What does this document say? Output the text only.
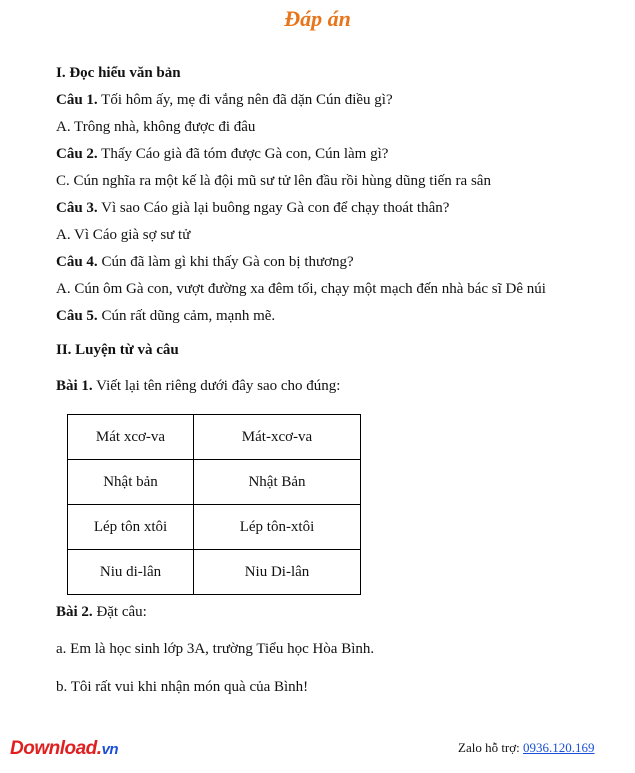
Đáp án
I. Đọc hiểu văn bản
Câu 1. Tối hôm ấy, mẹ đi vắng nên đã dặn Cún điều gì?
A. Trông nhà, không được đi đâu
Câu 2. Thấy Cáo già đã tóm được Gà con, Cún làm gì?
C. Cún nghĩa ra một kế là đội mũ sư tử lên đầu rồi hùng dũng tiến ra sân
Câu 3. Vì sao Cáo già lại buông ngay Gà con để chạy thoát thân?
A. Vì Cáo già sợ sư tử
Câu 4. Cún đã làm gì khi thấy Gà con bị thương?
A. Cún ôm Gà con, vượt đường xa đêm tối, chạy một mạch đến nhà bác sĩ Dê núi
Câu 5. Cún rất dũng cảm, mạnh mẽ.
II. Luyện từ và câu
Bài 1. Viết lại tên riêng dưới đây sao cho đúng:
Mát xcơ-va	Mát-xcơ-va
Nhật bản	Nhật Bản
Lép tôn xtôi	Lép tôn-xtôi
Niu di-lân	Niu Di-lân
Bài 2. Đặt câu:
a. Em là học sinh lớp 3A, trường Tiểu học Hòa Bình.
b. Tôi rất vui khi nhận món quà của Bình!
Download.vn	Zalo hỗ trợ: 0936.120.169
